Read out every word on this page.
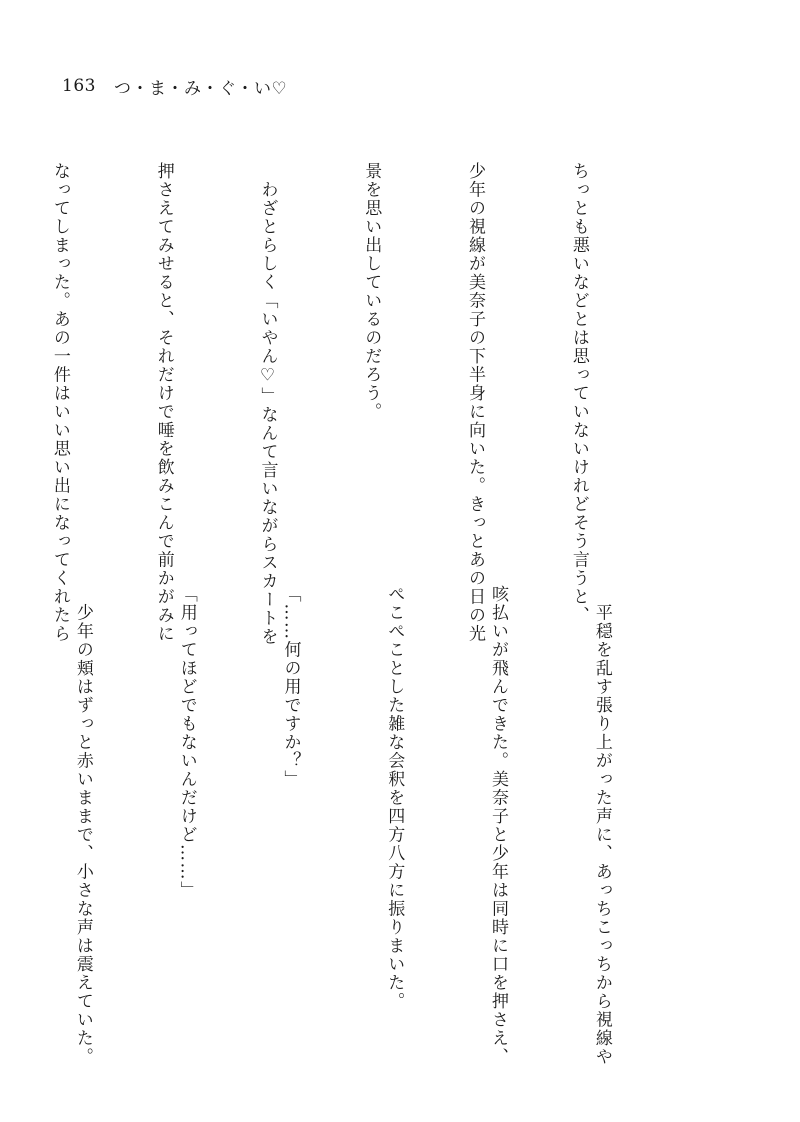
163 つ・ま・み・ぐ・い♡

ちっとも悪いなどとは思っていないけれどそう言うと、

少年の視線が美奈子の下半身に向いた。きっとあの日の光

景を思い出しているのだろう。

　わざとらしく「いやん♡」なんて言いながらスカートを

押さえてみせると、それだけで唾を飲みこんで前かがみに

なってしまった。あの一件はいい思い出になってくれたら

　平穏を乱す張り上がった声に、あっちこっちから視線や

咳払いが飛んできた。美奈子と少年は同時に口を押さえ、

ぺこぺことした雑な会釈を四方八方に振りまいた。

「……何の用ですか？」

「用ってほどでもないんだけど……」

　少年の頬はずっと赤いままで、小さな声は震えていた。
